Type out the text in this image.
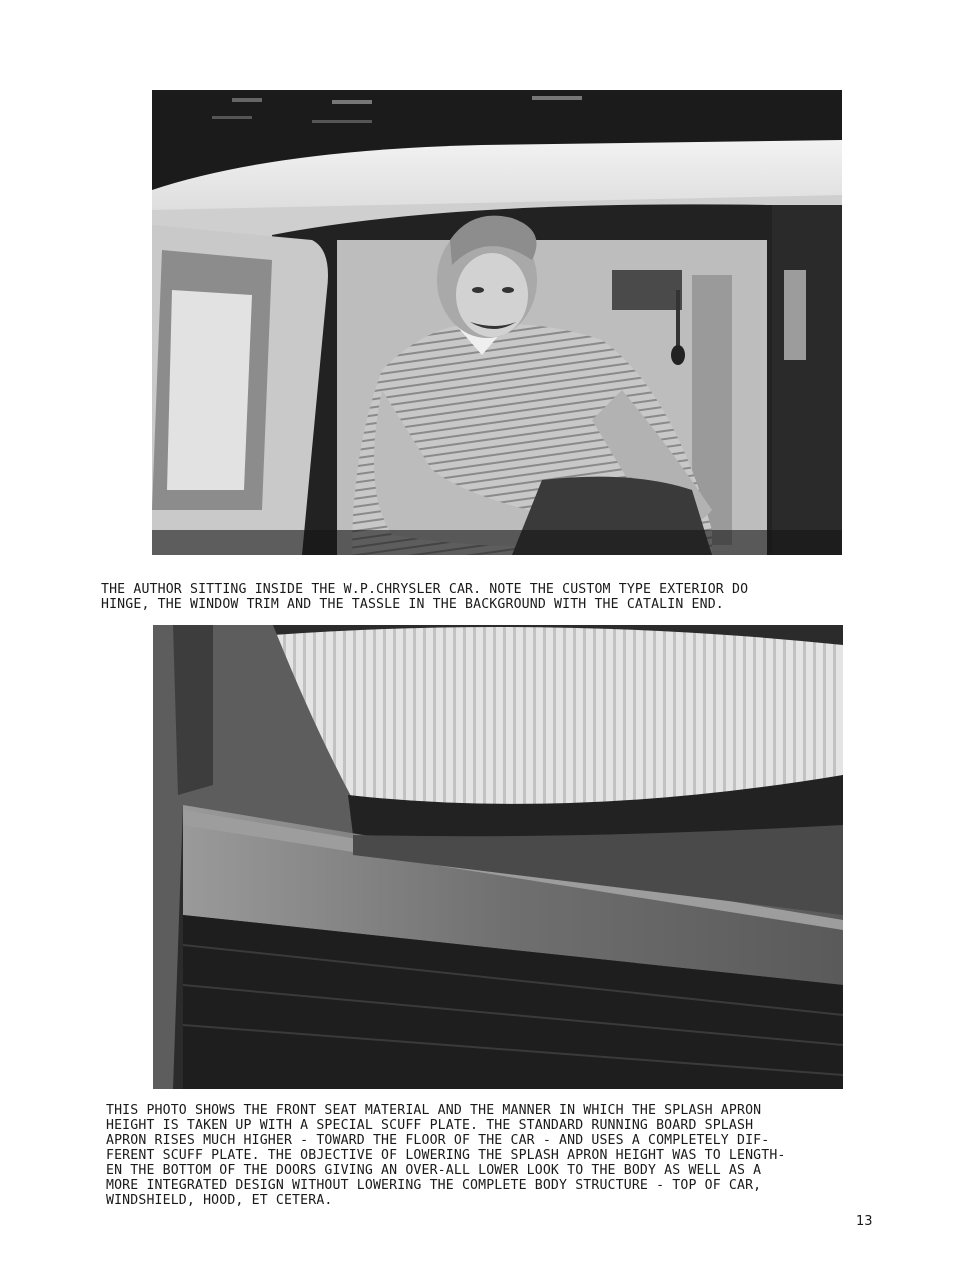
THE AUTHOR SITTING INSIDE THE W.P.CHRYSLER CAR. NOTE THE CUSTOM TYPE EXTERIOR DO
HINGE, THE WINDOW TRIM AND THE TASSLE IN THE BACKGROUND WITH THE CATALIN END.

THIS PHOTO SHOWS THE FRONT SEAT MATERIAL AND THE MANNER IN WHICH THE SPLASH APRON
HEIGHT IS TAKEN UP WITH A SPECIAL SCUFF PLATE. THE STANDARD RUNNING BOARD SPLASH
APRON RISES MUCH HIGHER - TOWARD THE FLOOR OF THE CAR - AND USES A COMPLETELY DIF-
FERENT SCUFF PLATE. THE OBJECTIVE OF LOWERING THE SPLASH APRON HEIGHT WAS TO LENGTH-
EN THE BOTTOM OF THE DOORS GIVING AN OVER-ALL LOWER LOOK TO THE BODY AS WELL AS A
MORE INTEGRATED DESIGN WITHOUT LOWERING THE COMPLETE BODY STRUCTURE - TOP OF CAR,
WINDSHIELD, HOOD, ET CETERA.

13
